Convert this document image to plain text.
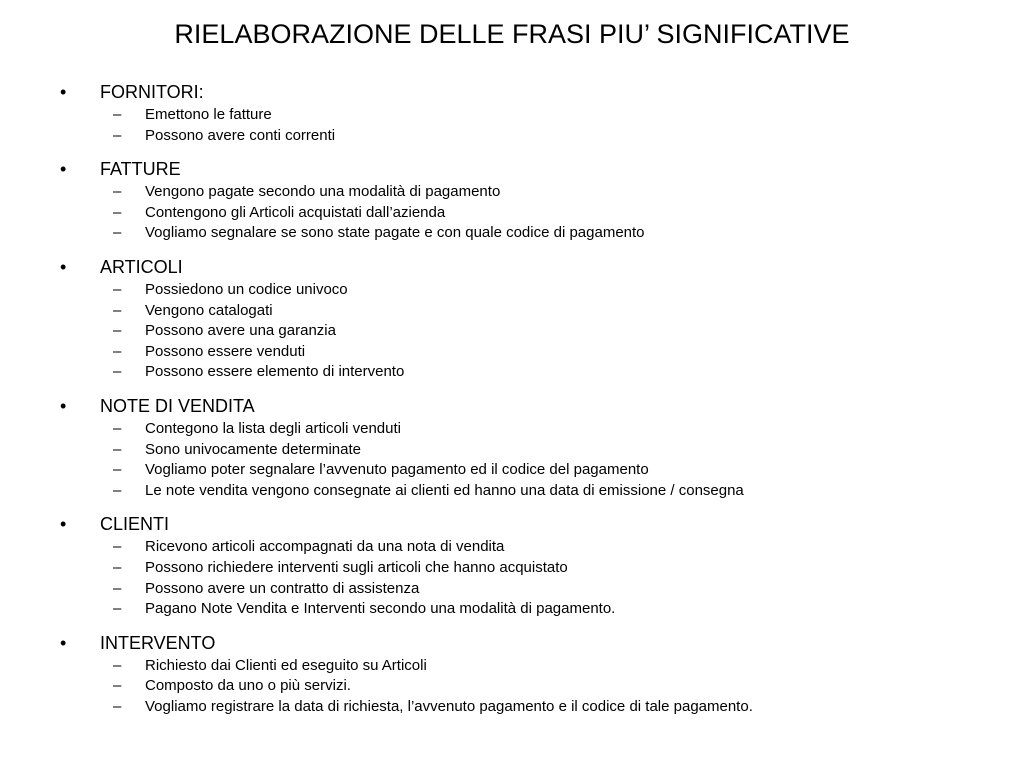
RIELABORAZIONE DELLE FRASI PIU’ SIGNIFICATIVE
• FORNITORI:
– Emettono le fatture
– Possono avere conti correnti
• FATTURE
– Vengono pagate secondo una modalità di pagamento
– Contengono gli Articoli acquistati dall’azienda
– Vogliamo segnalare se sono state pagate e con quale codice di pagamento
• ARTICOLI
– Possiedono un codice univoco
– Vengono catalogati
– Possono avere una garanzia
– Possono essere venduti
– Possono essere elemento di intervento
• NOTE DI VENDITA
– Contegono la lista degli articoli venduti
– Sono univocamente determinate
– Vogliamo poter segnalare l’avvenuto pagamento ed il codice del pagamento
– Le note vendita vengono consegnate ai clienti ed hanno una data di emissione / consegna
• CLIENTI
– Ricevono articoli accompagnati da una nota di vendita
– Possono richiedere interventi sugli articoli che hanno acquistato
– Possono avere un contratto di assistenza
– Pagano Note Vendita e Interventi secondo una modalità di pagamento.
• INTERVENTO
– Richiesto dai Clienti ed eseguito su Articoli
– Composto da uno o più servizi.
– Vogliamo registrare la data di richiesta, l’avvenuto pagamento e il codice di tale pagamento.
